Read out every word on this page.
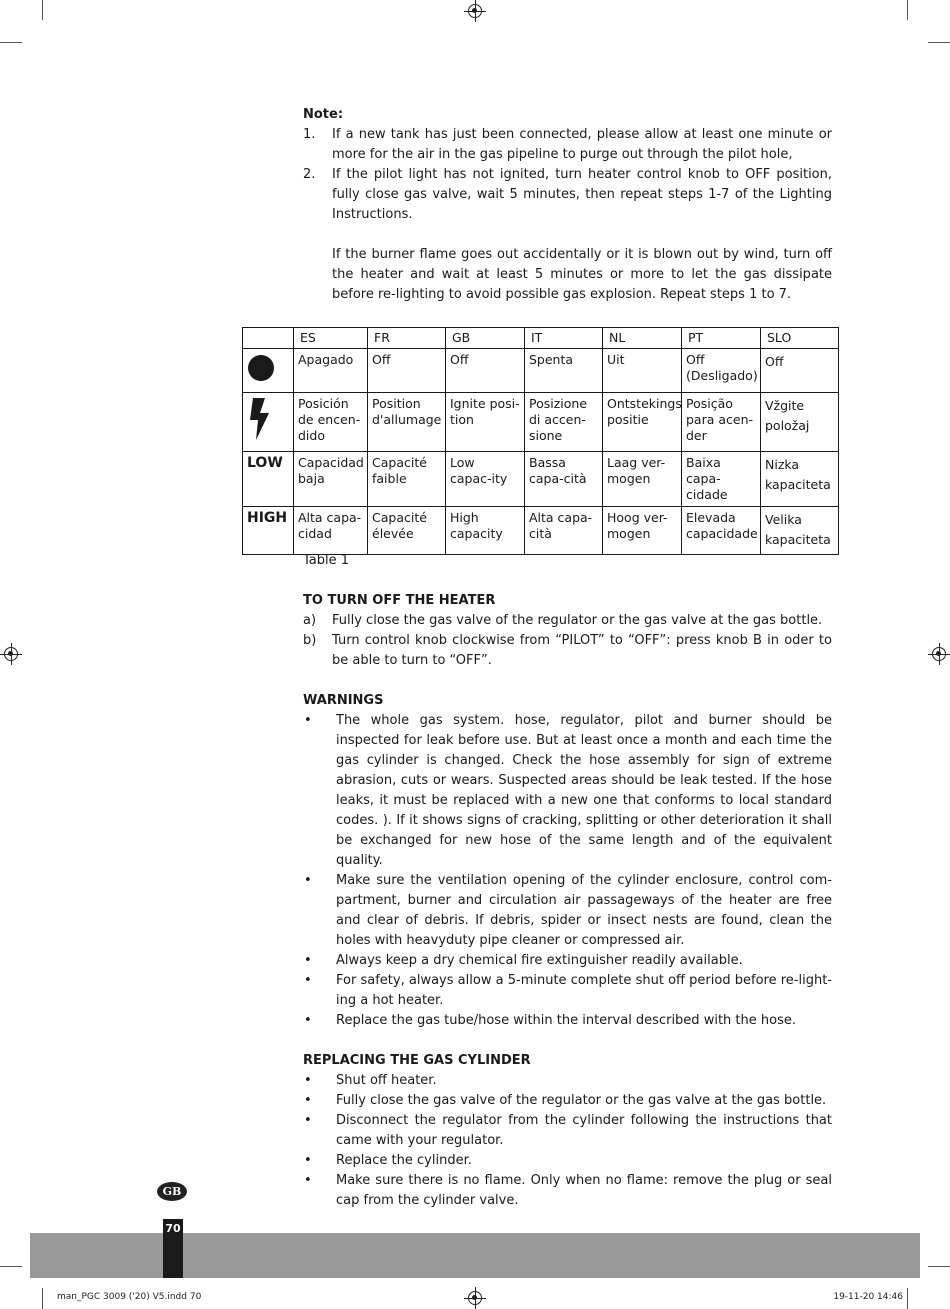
Note:
1. If a new tank has just been connected, please allow at least one minute or more for the air in the gas pipeline to purge out through the pilot hole,
2. If the pilot light has not ignited, turn heater control knob to OFF position, fully close gas valve, wait 5 minutes, then repeat steps 1-7 of the Lighting Instructions.
If the burner flame goes out accidentally or it is blown out by wind, turn off the heater and wait at least 5 minutes or more to let the gas dissipate before re-lighting to avoid possible gas explosion. Repeat steps 1 to 7.
	ES	FR	GB	IT	NL	PT	SLO

	Apagado	Off	Off	Spenta	Uit	Off (Desligado)	Off
	Posición de encen-dido	Position d'allumage	Ignite posi-tion	Posizione di accen-sione	Ontstekings positie	Posição para acen-der	Vžgite položaj
LOW	Capacidad baja	Capacité faible	Low capac-ity	Bassa capa-cità	Laag ver-mogen	Baixa capa-cidade	Nizka kapaciteta
HIGH	Alta capa-cidad	Capacité élevée	High capacity	Alta capa-cità	Hoog ver-mogen	Elevada capacidade	Velika kapaciteta
Table 1
TO TURN OFF THE HEATER
a) Fully close the gas valve of the regulator or the gas valve at the gas bottle.
b) Turn control knob clockwise from “PILOT” to “OFF”: press knob B in oder to be able to turn to “OFF”.
WARNINGS
• The whole gas system. hose, regulator, pilot and burner should be inspected for leak before use. But at least once a month and each time the gas cylinder is changed. Check the hose assembly for sign of extreme abrasion, cuts or wears. Suspected areas should be leak tested. If the hose leaks, it must be replaced with a new one that conforms to local standard codes. ). If it shows signs of cracking, splitting or other deterioration it shall be exchanged for new hose of the same length and of the equivalent quality.
• Make sure the ventilation opening of the cylinder enclosure, control com-partment, burner and circulation air passageways of the heater are free and clear of debris. If debris, spider or insect nests are found, clean the holes with heavyduty pipe cleaner or compressed air.
• Always keep a dry chemical fire extinguisher readily available.
• For safety, always allow a 5-minute complete shut off period before re-light-ing a hot heater.
• Replace the gas tube/hose within the interval described with the hose.
REPLACING THE GAS CYLINDER
• Shut off heater.
• Fully close the gas valve of the regulator or the gas valve at the gas bottle.
• Disconnect the regulator from the cylinder following the instructions that came with your regulator.
• Replace the cylinder.
• Make sure there is no flame. Only when no flame: remove the plug or seal cap from the cylinder valve.
GB
70
man_PGC 3009 ('20) V5.indd 70	19-11-20 14:46
